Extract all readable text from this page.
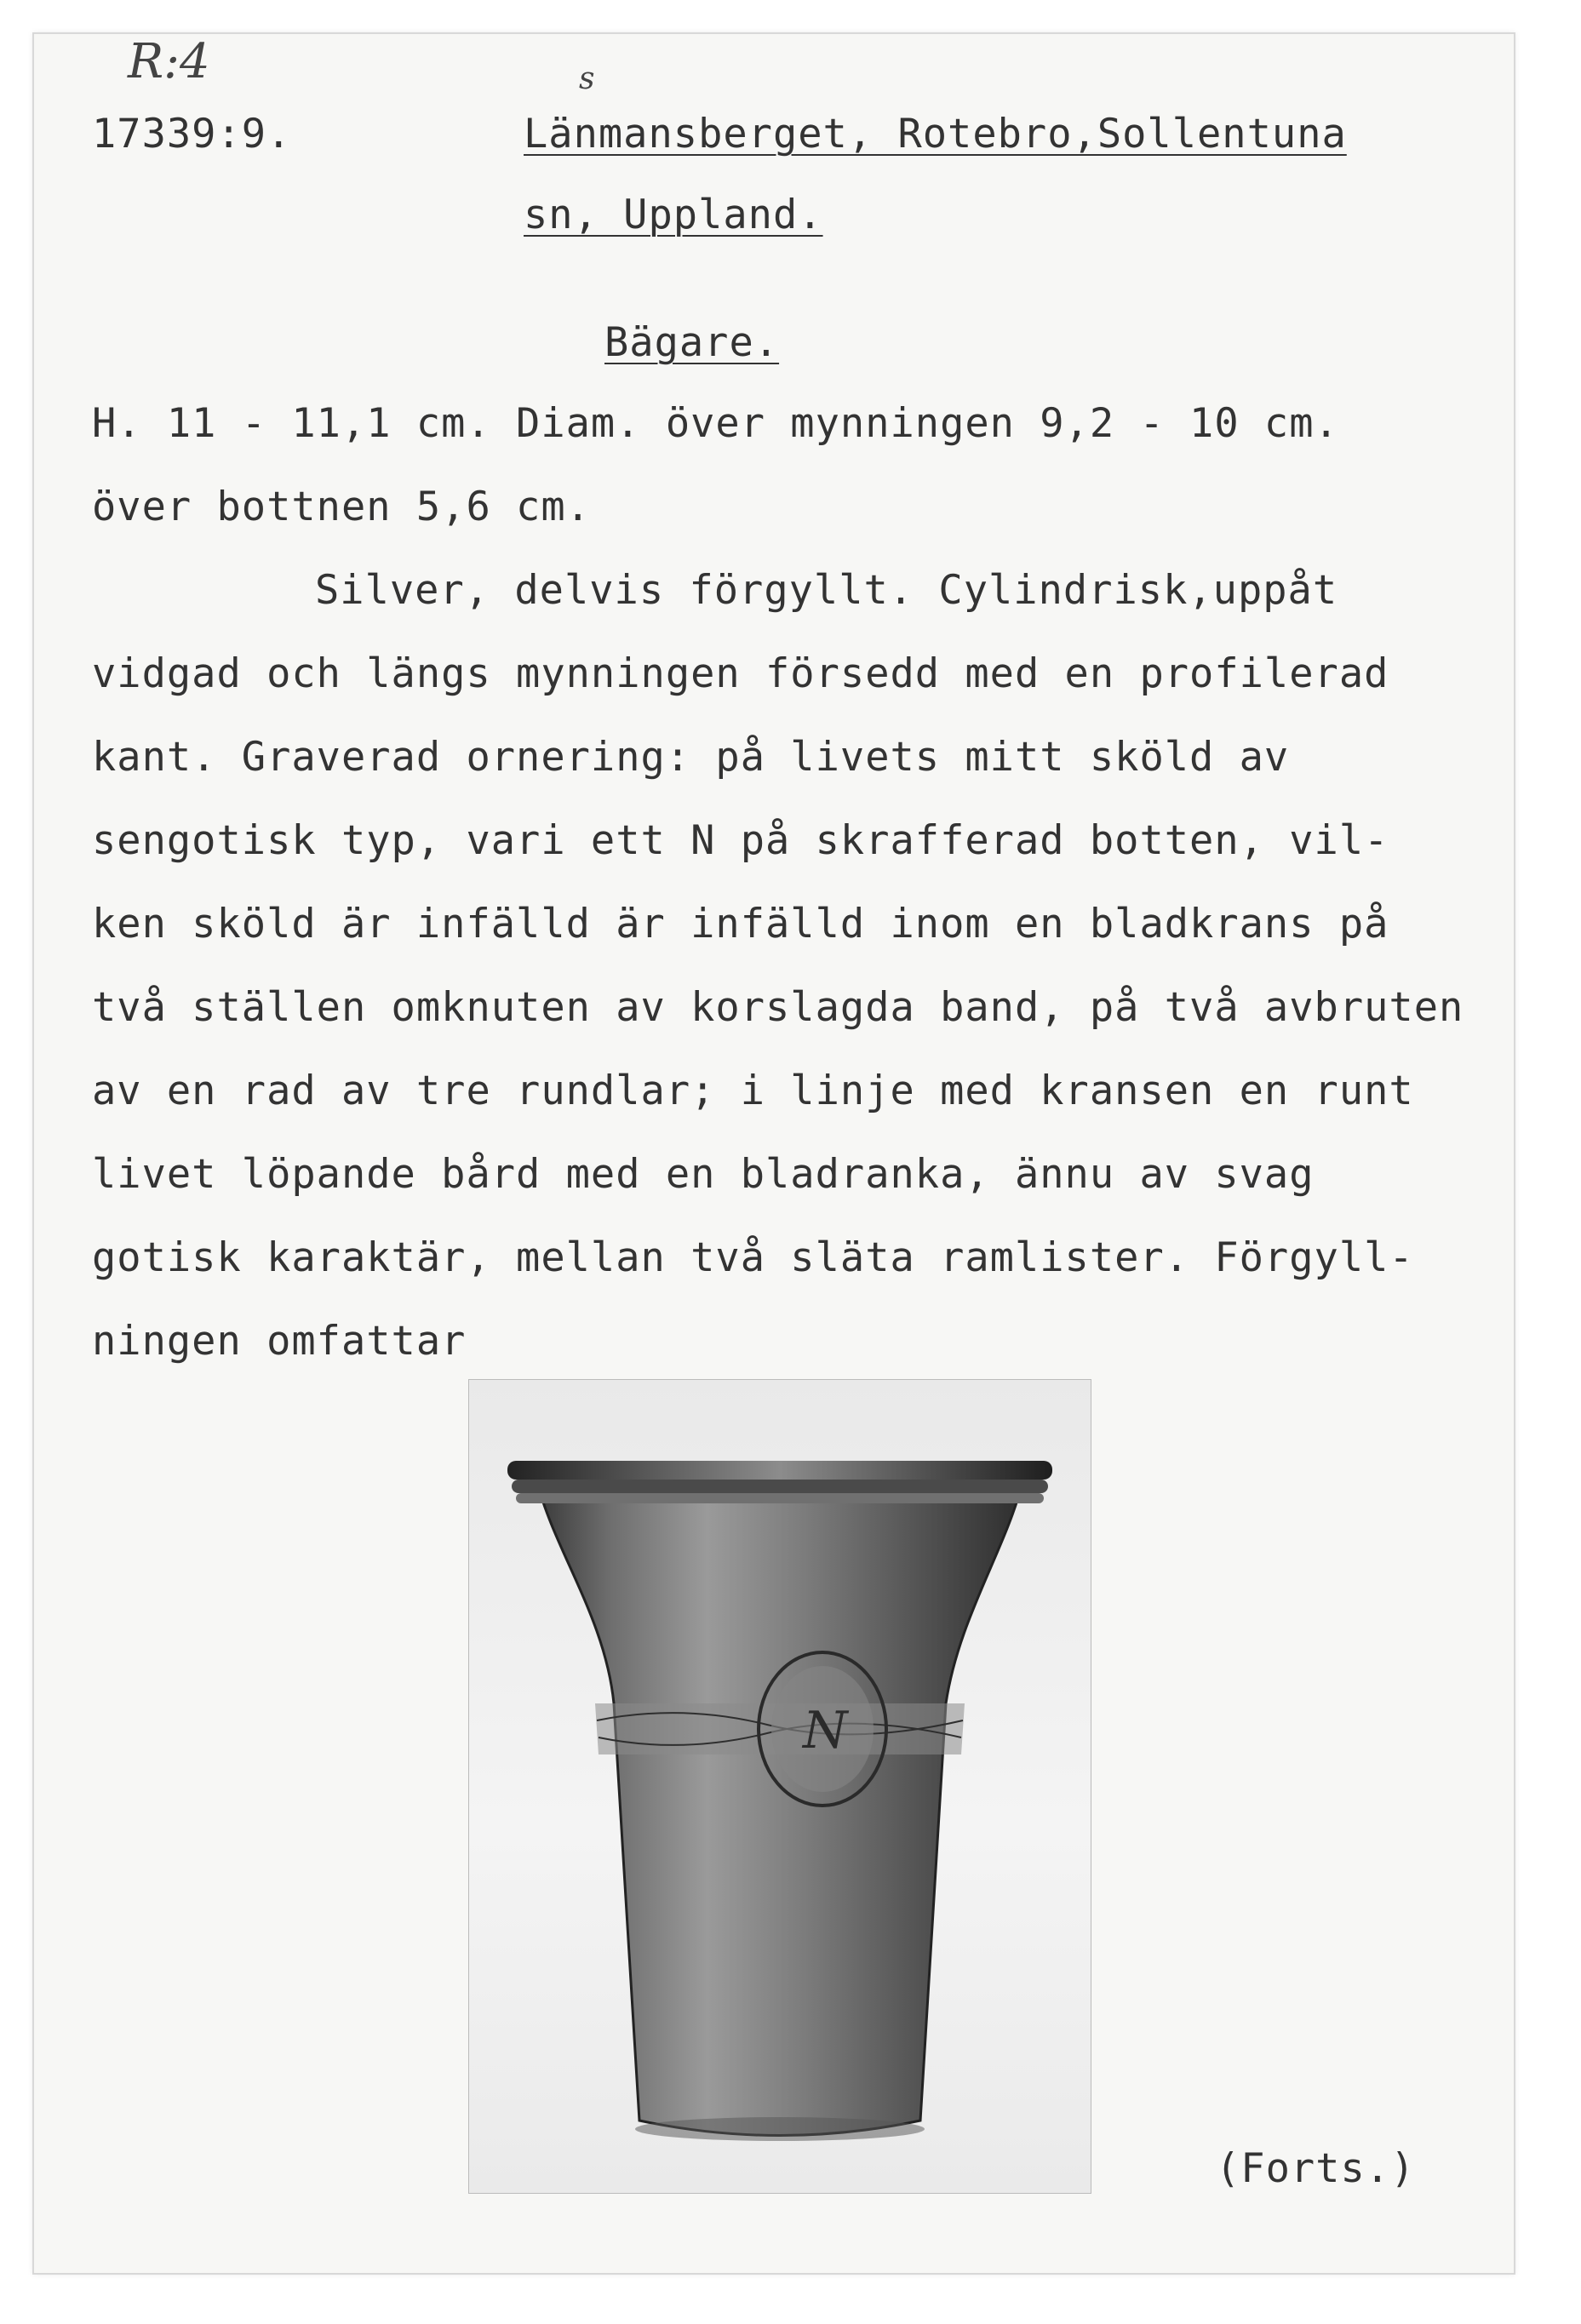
R:4
17339:9.
s
Länmansberget, Rotebro,Sollentuna
sn, Uppland.
Bägare.
H. 11 - 11,1 cm. Diam. över mynningen 9,2 - 10 cm.
över bottnen 5,6 cm.
Silver, delvis förgyllt. Cylindrisk,uppåt
vidgad och längs mynningen försedd med en profilerad
kant. Graverad ornering: på livets mitt sköld av
sengotisk typ, vari ett N på skrafferad botten, vil-
ken sköld är infälld är infälld inom en bladkrans på
två ställen omknuten av korslagda band, på två avbruten
av en rad av tre rundlar; i linje med kransen en runt
livet löpande bård med en bladranka, ännu av svag
gotisk karaktär, mellan två släta ramlister. Förgyll-
ningen omfattar
N
(Forts.)
